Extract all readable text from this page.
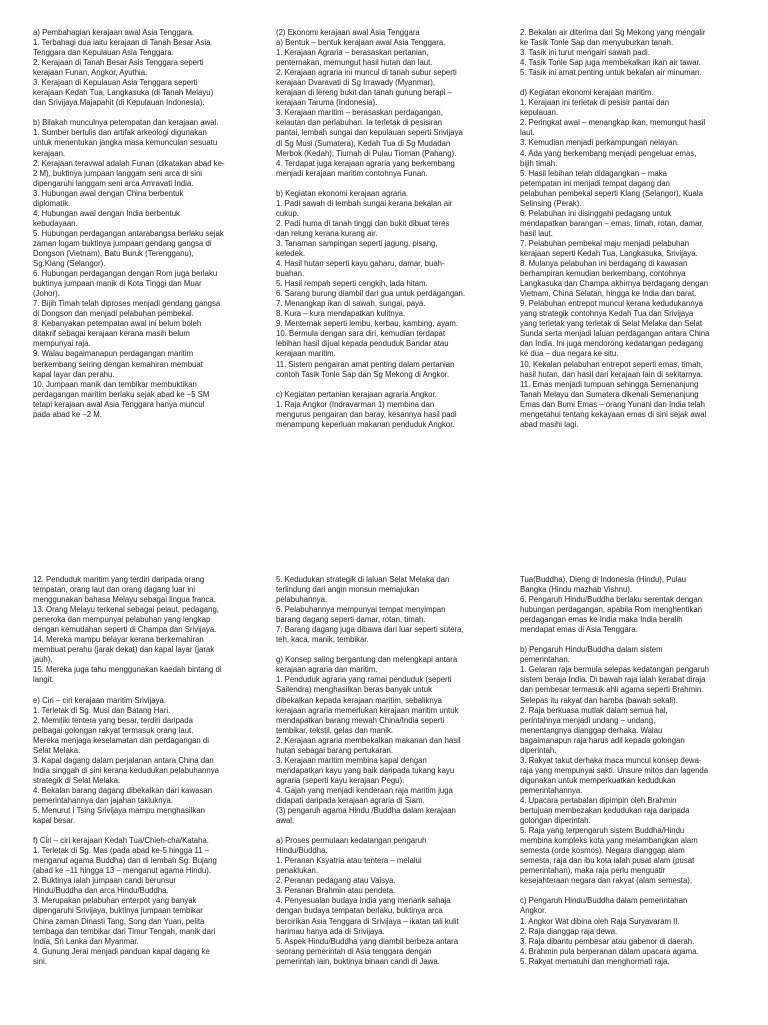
a) Pembahagian kerajaan awal Asia Tenggara.
1. Terbahagi dua iaitu kerajaan di Tanah Besar Asia
Tenggara dan Kepulauan Asia Tenggara.
2. Kerajaan di Tanah Besar Asis Tenggara seperti
kerajaan Funan, Angkor, Ayuthia.
3. Kerajaan di Kepulauan Asia Tenggara seperti
kerajaan Kedah Tua, Langkasuka (di Tanah Melayu)
dan Srivijaya.Majapahit (di Kepulauan Indonesia).
b) Bilakah munculnya petempatan dan kerajaan awal.
1. Sumber bertulis dan artifak arkeologi digunakan
untuk menentukan jangka masa kemunculan sesuatu
kerajaan.
2. Kerajaan teravwal adalah Funan (dikatakan abad ke-
2 M), buktinya jumpaan langgam seni arca di sini
dipengaruhi langgam seni arca Amravati India.
3. Hubungan awal dengan China berbentuk
diplomatik.
4. Hubungan awal dengan India berbentuk
kebudayaan.
5. Hubungan perdagangan antarabangsa berlaku sejak
zaman logam buktinya jumpaan gendang gangsa di
Dongson (Vietnam), Batu Buruk (Terengganu),
Sg.Klang (Selangor).
6. Hubungan perdagangan dengan Rom juga berlaku
buktinya jumpaan manik di Kota Tinggi dan Muar
(Johor).
7. Bijih Timah telah diproses menjadi gendang gangsa
di Dongson dan menjadi pelabuhan pembekal.
8. Kebanyakan petempatan awal ini belum boleh
ditakrif sebagai kerajaan kerana masih belum
mempunyai raja.
9. Walau bagaimanapun perdagangan maritim
berkembang seiring dengan kemahiran membuat
kapal layar dan perahu.
10. Jumpaan manik dan tembikar membuktikan
perdagangan maritim berlaku sejak abad ke –5 SM
tetapi kerajaan awal Asia Tenggara hanya muncul
pada abad ke –2 M.
(2) Ekonomi kerajaan awal Asia Tenggara
a) Bentuk – bentuk kerajaan awal Asia Tenggara.
1. Kerajaan Agraria – berasaskan pertanian,
penternakan, memungut hasil hutan dan laut.
2. Kerajaan agraria ini muncul di tanah subur seperti
kerajaan Dvaravati di Sg Irrawady (Myanmar),
kerajaan di lereng bukit dan tanah gunung berapi –
kerajaan Taruma (Indonesia).
3. Kerajaan maritim – berasaskan perdagangan,
kelautan dan perlabuhan. Ia terletak di pesisiran
pantai, lembah sungai dan kepulauan seperti Srivijaya
di Sg Musi (Sumatera), Kedah Tua di Sg Mudadan
Merbok (Kedah), Tiumah di Pulau Tioman (Pahang).
4. Terdapat juga kerajaan agraria yang berkembang
menjadi kerajaan maritim contohnya Funan.
b) Kegiatan ekonomi kerajaan agraria.
1. Padi sawah di lembah sungai kerana bekalan air
cukup.
2. Padi huma di tanah tinggi dan bukit dibuat teres
dan relung kerana kurang air.
3. Tanaman sampingan seperti jagung, pisang,
keledek.
4. Hasil hutan seperti kayu gaharu, damar, buah-
buahan.
5. Hasil rempah seperti cengkih, lada hitam.
6. Sarang burung diambil dari gua untuk perdagangan.
7. Menangkap ikan di sawah, sungai, paya.
8. Kura – kura mendapatkan kulitnya.
9. Menternak seperti lembu, kerbau, kambing, ayam.
10. Bermula dengan sara diri, kemudian terdapat
lebihan hasil dijual kepada penduduk Bandar atau
kerajaan maritim.
11. Sistem pengairan amat penting dalam pertanian
contoh Tasik Tonle Sap dan Sg Mekong di Angkor.
c) Kegiatan pertanian kerajaan agraria Angkor.
1. Raja Angkor (Indravarman 1) membina dan
mengurus pengairan dan baray, kesannya hasil padi
menampung keperluan makanan penduduk Angkor.
2. Bekalan air diterima dari Sg Mekong yang mengalir
ke Tasik Tonle Sap dan menyuburkan tanah.
3. Tasik ini turut mengairi sawah padi.
4. Tasik Tonle Sap juga membekalkan ikan air tawar.
5. Tasik ini amat penting untuk bekalan air minuman.
d) Kegiatan ekonomi kerajaan maritim.
1. Kerajaan ini terletak di pesisir pantai dan
kepulauan.
2. Peringkat awal – menangkap ikan, memungut hasil
laut.
3. Kemudian menjadi perkampungan nelayan.
4. Ada yang berkembang menjadi pengeluar emas,
bijih timah.
5. Hasil lebihan telah didagangkan – maka
petempatan ini menjadi tempat dagang dan
pelabuhan pembekal seperti Klang (Selangor), Kuala
Selinsing (Perak).
6. Pelabuhan ini disinggahi pedagang untuk
mendapatkan barangan – emas, timah, rotan, damar,
hasil laut.
7. Pelabuhan pembekal maju menjadi pelabuhan
kerajaan seperti Kedah Tua, Langkasuka, Srivijaya.
8. Mulanya pelabuhan ini berdagang di kawasan
berhampiran kemudian berkembang, contohnya
Langkasuka dan Champa akhirnya berdagang dengan
Vietnam, China Selatan, hingga ke India dan barat.
9. Pelabuhan entrepot muncul kerana kedudukannya
yang strategik contohnya Kedah Tua dan Srivijaya
yang terletak yang terletak di Selat Melaka dan Selat
Sunda serta menjadi laluan perdagangan antara China
dan India. Ini juga mendorong kedatangan pedagang
ke dua – dua negara ke situ.
10. Kekalan pelabuhan entrepot seperti emas, timah,
hasil hutan, dan hasil dari kerajaan lain di sekitarnya.
11. Emas menjadi tumpuan sehingga Semenanjung
Tanah Melayu dan Sumatera dikenali Semenanjung
Emas dan Bumi Emas – orang Yunani dan India telah
mengetahui tentang kekayaan emas di sini sejak awal
abad masihi lagi.
12. Penduduk maritim yang terdiri daripada orang
tempatan, orang laut dan orang dagang luar ini
menggunakan bahasa Melayu sebagai lingua franca.
13. Orang Melayu terkenal sebagai pelaut, pedagang,
peneroka dan mempunyai pelabuhan yang lengkap
dengan kemudahan seperti di Champa dan Srivijaya.
14. Mereka mampu belayar kerana berkemahiran
membuat perahu (jarak dekat) dan kapal layar (jarak
jauh).
15. Mereka juga tahu menggunakan kaedah bintang di
langit.
e) Ciri – ciri kerajaan maritim Srivijaya.
1. Terletak di Sg. Musi dan Batang Hari.
2. Memiliki tentera yang besar, terdiri daripada
pelbagai golongan rakyat termasuk orang laut.
Mereka menjaga keselamatan dan perdagangan di
Selat Melaka.
3. Kapal dagang dalam perjalanan antara China dan
India singgah di sini kerana kedudukan pelabuhannya
strategik di Selat Melaka.
4. Bekalan barang dagang dibekalkan dari kawasan
pemerintahannya dan jajahan takluknya.
5. Menurut I Tsing Srivijaya mampu menghasilkan
kapal besar.
f) Ciri – ciri kerajaan Kedah Tua/Chieh-cha/Kataha.
1. Terletak di Sg. Mas (pada abad ke-5 hingga 11 –
menganut agama Buddha) dan di lembah Sg. Bujang
(abad ke –11 hingga 13 – menganut agama Hindu).
2. Buktinya ialah jumpaan candi berunsur
Hindu/Buddha dan arca Hindu/Buddha.
3. Merupakan pelabuhan enterpot yang banyak
dipengaruhi Srivijaya, buktinya jumpaan tembikar
China zaman Dinasti Tang, Song dan Yuan, pelita
tembaga dan tembikar dari Timur Tengah, manik dari
India, Sri Lanka dan Myanmar.
4. Gunung Jerai menjadi panduan kapal dagang ke
sini.
5. Kedudukan strategik di laluan Selat Melaka dan
terlindung dari angin monsun memajukan
pelabuhannya.
6. Pelabuhannya mempunyai tempat menyimpan
barang dagang seperti damar, rotan, timah.
7. Barang dagang juga dibawa dari luar seperti sutera,
teh, kaca, manik, tembikar.
g) Konsep saling bergantung dan melengkapi antara
kerajaan agraria dan maritim.
1. Penduduk agraria yang ramai penduduk (seperti
Sailendra) menghasilkan beras banyak untuk
dibekalkan kepada kerajaan maritim, sebaliknya
kerajaan agraria memerlukan kerajaan maritim untuk
mendapatkan barang mewah China/India seperti
tembikar, tekstil, gelas dan manik.
2. Kerajaan agraria membekalkan makanan dan hasil
hutan sebagai barang pertukaran.
3. Kerajaan maritim membina kapal dengan
mendapatkan kayu yang baik daripada tukang kayu
agraria (seperti kayu kerajaan Pegu).
4. Gajah yang menjadi kenderaan raja maritim juga
didapati daripada kerajaan agraria di Siam.
(3) pengaruh agama Hindu /Buddha dalam kerajaan
awal.
a) Proses permulaan kedatangan pengaruh
Hindu/Buddha.
1. Peranan Ksyatria atau tentera – melalui
penaklukan.
2. Peranan pedagang atau Vaisya.
3. Peranan Brahmin atau pendeta.
4. Penyesuaian budaya India yang menarik sahaja
dengan budaya tempatan berlaku, buktinya arca
bercirikan Asia Tenggara di Srivijaya – ikatan tali kulit
harimau hanya ada di Srivijaya.
5. Aspek Hindu/Buddha yang diambil berbeza antara
seorang pemerintah di Asia tenggara dengan
pemerintah lain, buktinya binaan candi di Jawa.
Tua(Buddha), Dieng di Indonesia (Hindu), Pulau
Bangka (Hindu mazhab Vishnu).
6. Pengaruh Hindu/Buddha berlaku serentak dengan
hubungan perdagangan, apabila Rom menghentikan
perdagangan emas ke India maka India beralih
mendapat emas di Asia Tenggara.
b) Pengaruh Hindu/Buddha dalam sistem
pemerintahan.
1. Gelaran raja bermula selepas kedatangan pengaruh
sistem beraja India. Di bawah raja ialah kerabat diraja
dan pembesar termasuk ahli agama seperti Brahmin.
Selepas itu rakyat dan hamba (bawah sekali).
2. Raja berkuasa mutlak dalam semua hal,
perintahnya menjadi undang – undang,
menentangnya dianggap derhaka. Walau
bagaimanapun raja harus adil kepada golongan
diperintah.
3. Rakyat takut derhaka maca muncul konsep dewa-
raja yang mempunyai sakti. Unsure mitos dan lagenda
digunakan untuk memperkuatkan kedudukan
pemerintahannya.
4. Upacara pertabalan dipimpin oleh Brahmin
bertujuan membezakan kedudukan raja daripada
golongan diperintah.
5. Raja yang terpengaruh sistem Buddha/Hindu
membina kompleks kota yang melambangkan alam
semesta (orde kosmos). Negara dianggap alam
semesta, raja dan ibu kota ialah pusat alam (pusat
pemerintahan), maka raja perlu menguatir
kesejahteraan negara dan rakyat (alam semesta).
c) Pengaruh Hindu/Buddha dalam pemerintahan
Angkor.
1. Angkor Wat dibina oleh Raja Suryavaram II.
2. Raja dianggap raja dewa.
3. Raja dibantu pembesar atau gabenor di daerah.
4. Brahmin pula berperanan dalam upacara agama.
5. Rakyat mematuhi dan menghormati raja.
